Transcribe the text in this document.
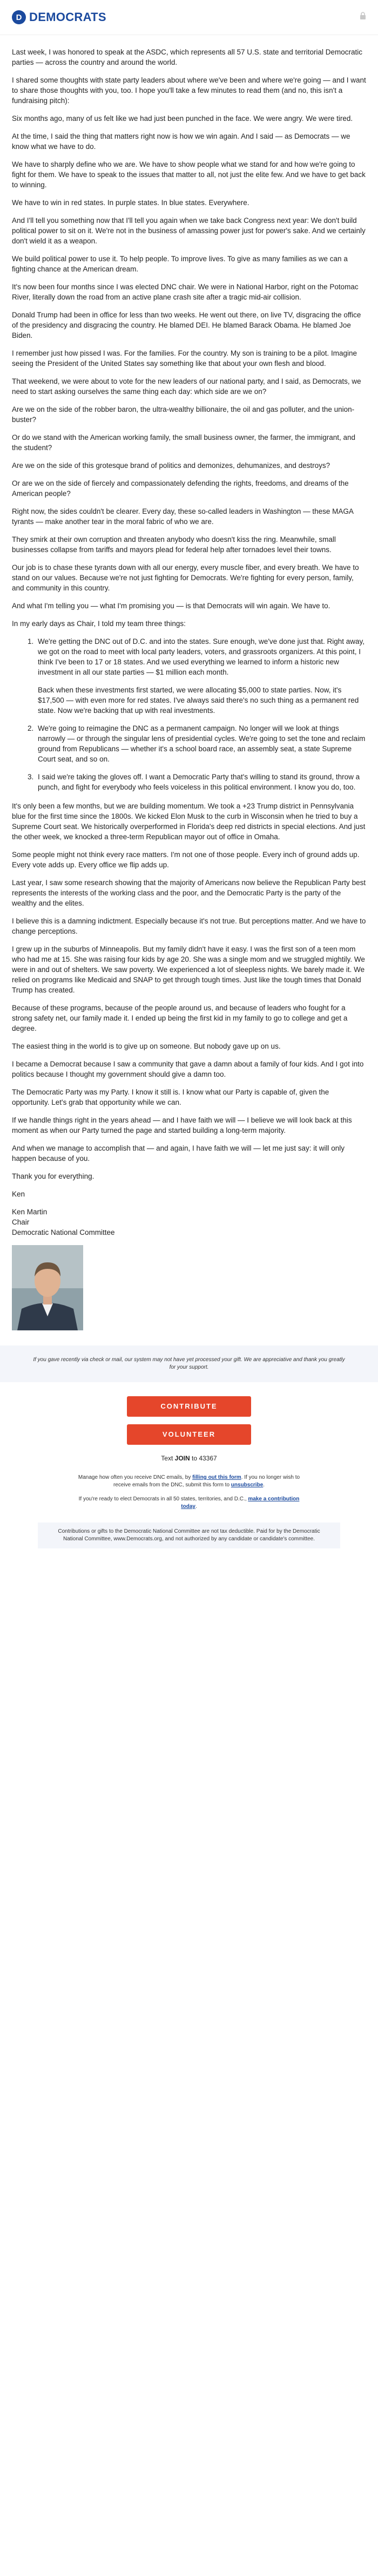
D DEMOCRATS

Last week, I was honored to speak at the ASDC, which represents all 57 U.S. state and territorial Democratic parties — across the country and around the world.

I shared some thoughts with state party leaders about where we've been and where we're going — and I want to share those thoughts with you, too. I hope you'll take a few minutes to read them (and no, this isn't a fundraising pitch):

Six months ago, many of us felt like we had just been punched in the face. We were angry. We were tired.

At the time, I said the thing that matters right now is how we win again. And I said — as Democrats — we know what we have to do.

We have to sharply define who we are. We have to show people what we stand for and how we're going to fight for them. We have to speak to the issues that matter to all, not just the elite few. And we have to get back to winning.

We have to win in red states. In purple states. In blue states. Everywhere.

And I'll tell you something now that I'll tell you again when we take back Congress next year: We don't build political power to sit on it. We're not in the business of amassing power just for power's sake. And we certainly don't wield it as a weapon.

We build political power to use it. To help people. To improve lives. To give as many families as we can a fighting chance at the American dream.

It's now been four months since I was elected DNC chair. We were in National Harbor, right on the Potomac River, literally down the road from an active plane crash site after a tragic mid-air collision.

Donald Trump had been in office for less than two weeks. He went out there, on live TV, disgracing the office of the presidency and disgracing the country. He blamed DEI. He blamed Barack Obama. He blamed Joe Biden.

I remember just how pissed I was. For the families. For the country. My son is training to be a pilot. Imagine seeing the President of the United States say something like that about your own flesh and blood.

That weekend, we were about to vote for the new leaders of our national party, and I said, as Democrats, we need to start asking ourselves the same thing each day: which side are we on?

Are we on the side of the robber baron, the ultra-wealthy billionaire, the oil and gas polluter, and the union-buster?

Or do we stand with the American working family, the small business owner, the farmer, the immigrant, and the student?

Are we on the side of this grotesque brand of politics and demonizes, dehumanizes, and destroys?

Or are we on the side of fiercely and compassionately defending the rights, freedoms, and dreams of the American people?

Right now, the sides couldn't be clearer. Every day, these so-called leaders in Washington — these MAGA tyrants — make another tear in the moral fabric of who we are.

They smirk at their own corruption and threaten anybody who doesn't kiss the ring. Meanwhile, small businesses collapse from tariffs and mayors plead for federal help after tornadoes level their towns.

Our job is to chase these tyrants down with all our energy, every muscle fiber, and every breath. We have to stand on our values. Because we're not just fighting for Democrats. We're fighting for every person, family, and community in this country.

And what I'm telling you — what I'm promising you — is that Democrats will win again. We have to.

In my early days as Chair, I told my team three things:

1. We're getting the DNC out of D.C. and into the states. Sure enough, we've done just that. Right away, we got on the road to meet with local party leaders, voters, and grassroots organizers. At this point, I think I've been to 17 or 18 states. And we used everything we learned to inform a historic new investment in all our state parties — $1 million each month.

Back when these investments first started, we were allocating $5,000 to state parties. Now, it's $17,500 — with even more for red states. I've always said there's no such thing as a permanent red state. Now we're backing that up with real investments.

2. We're going to reimagine the DNC as a permanent campaign. No longer will we look at things narrowly — or through the singular lens of presidential cycles. We're going to set the tone and reclaim ground from Republicans — whether it's a school board race, an assembly seat, a state Supreme Court seat, and so on.

3. I said we're taking the gloves off. I want a Democratic Party that's willing to stand its ground, throw a punch, and fight for everybody who feels voiceless in this political environment. I know you do, too.

It's only been a few months, but we are building momentum. We took a +23 Trump district in Pennsylvania blue for the first time since the 1800s. We kicked Elon Musk to the curb in Wisconsin when he tried to buy a Supreme Court seat. We historically overperformed in Florida's deep red districts in special elections. And just the other week, we knocked a three-term Republican mayor out of office in Omaha.

Some people might not think every race matters. I'm not one of those people. Every inch of ground adds up. Every vote adds up. Every office we flip adds up.

Last year, I saw some research showing that the majority of Americans now believe the Republican Party best represents the interests of the working class and the poor, and the Democratic Party is the party of the wealthy and the elites.

I believe this is a damning indictment. Especially because it's not true. But perceptions matter. And we have to change perceptions.

I grew up in the suburbs of Minneapolis. But my family didn't have it easy. I was the first son of a teen mom who had me at 15. She was raising four kids by age 20. She was a single mom and we struggled mightily. We were in and out of shelters. We saw poverty. We experienced a lot of sleepless nights. We barely made it. We relied on programs like Medicaid and SNAP to get through tough times. Just like the tough times that Donald Trump has created.

Because of these programs, because of the people around us, and because of leaders who fought for a strong safety net, our family made it. I ended up being the first kid in my family to go to college and get a degree.

The easiest thing in the world is to give up on someone. But nobody gave up on us.

I became a Democrat because I saw a community that gave a damn about a family of four kids. And I got into politics because I thought my government should give a damn too.

The Democratic Party was my Party. I know it still is. I know what our Party is capable of, given the opportunity. Let's grab that opportunity while we can.

If we handle things right in the years ahead — and I have faith we will — I believe we will look back at this moment as when our Party turned the page and started building a long-term majority.

And when we manage to accomplish that — and again, I have faith we will — let me just say: it will only happen because of you.

Thank you for everything.

Ken

Ken Martin
Chair
Democratic National Committee

If you gave recently via check or mail, our system may not have yet processed your gift. We are appreciative and thank you greatly for your support.
CONTRIBUTE
VOLUNTEER
Text JOIN to 43367

Manage how often you receive DNC emails, by filling out this form. If you no longer wish to receive emails from the DNC, submit this form to unsubscribe.

If you're ready to elect Democrats in all 50 states, territories, and D.C., make a contribution today.

Contributions or gifts to the Democratic National Committee are not tax deductible. Paid for by the Democratic National Committee, www.Democrats.org, and not authorized by any candidate or candidate's committee.
